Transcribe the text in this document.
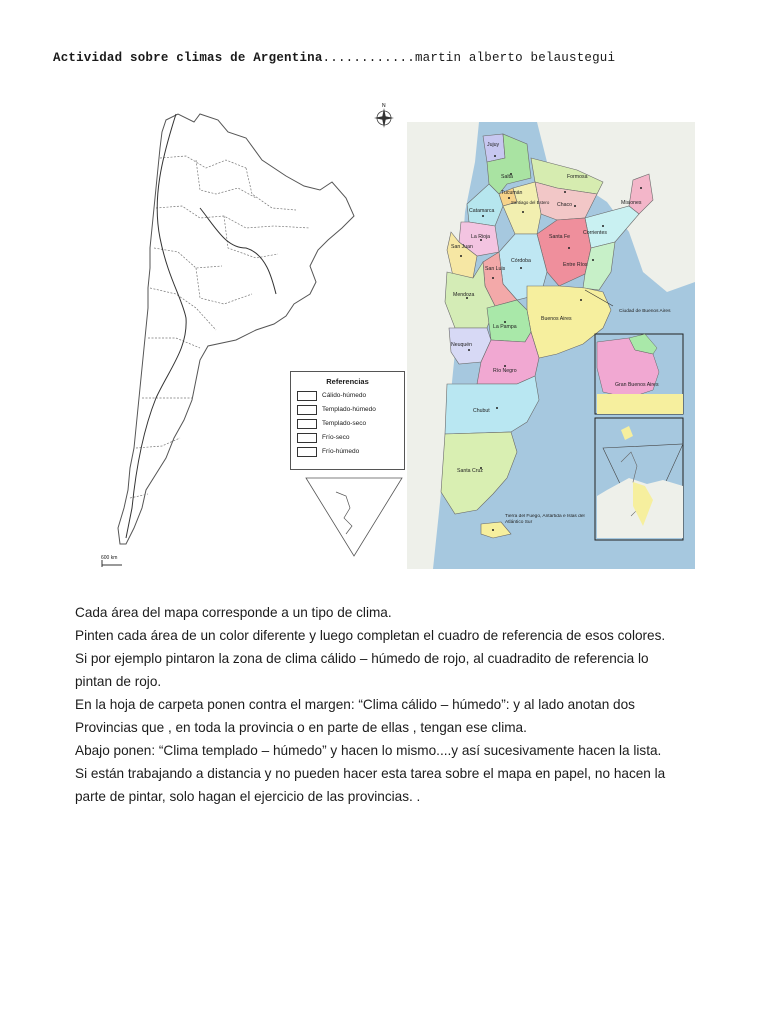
Actividad sobre climas de Argentina............martin alberto belaustegui
N
600 km
Referencias
Cálido-húmedo
Templado-húmedo
Templado-seco
Frío-seco
Frío-húmedo
Jujuy
Salta	Formosa
Tucumán
Chaco	Misiones
Catamarca
Santiago del Estero
Corrientes
La Rioja	Santa Fe
San Juan
Córdoba
Entre Ríos
San Luis
Mendoza
Ciudad de Buenos Aires
Buenos Aires
La Pampa
Neuquén
Río Negro
Chubut
Santa Cruz
Tierra del Fuego, Antártida e Islas del Atlántico Sur
Gran Buenos Aires

Cada área del mapa corresponde a un tipo de clima.

Pinten cada área de un color diferente y luego completan el cuadro de referencia de esos colores.

Si por ejemplo pintaron la zona de clima cálido – húmedo de rojo, al cuadradito de referencia lo

pintan de rojo.

En la hoja de carpeta ponen contra el margen: “Clima cálido – húmedo”: y al lado anotan dos

Provincias que , en toda la provincia o en parte de ellas , tengan ese clima.

Abajo ponen: “Clima templado – húmedo” y hacen lo mismo....y así sucesivamente hacen la lista.

Si están trabajando a distancia y no pueden hacer esta tarea sobre el mapa en papel, no hacen la

parte de pintar, solo hagan el ejercicio de las provincias. .
